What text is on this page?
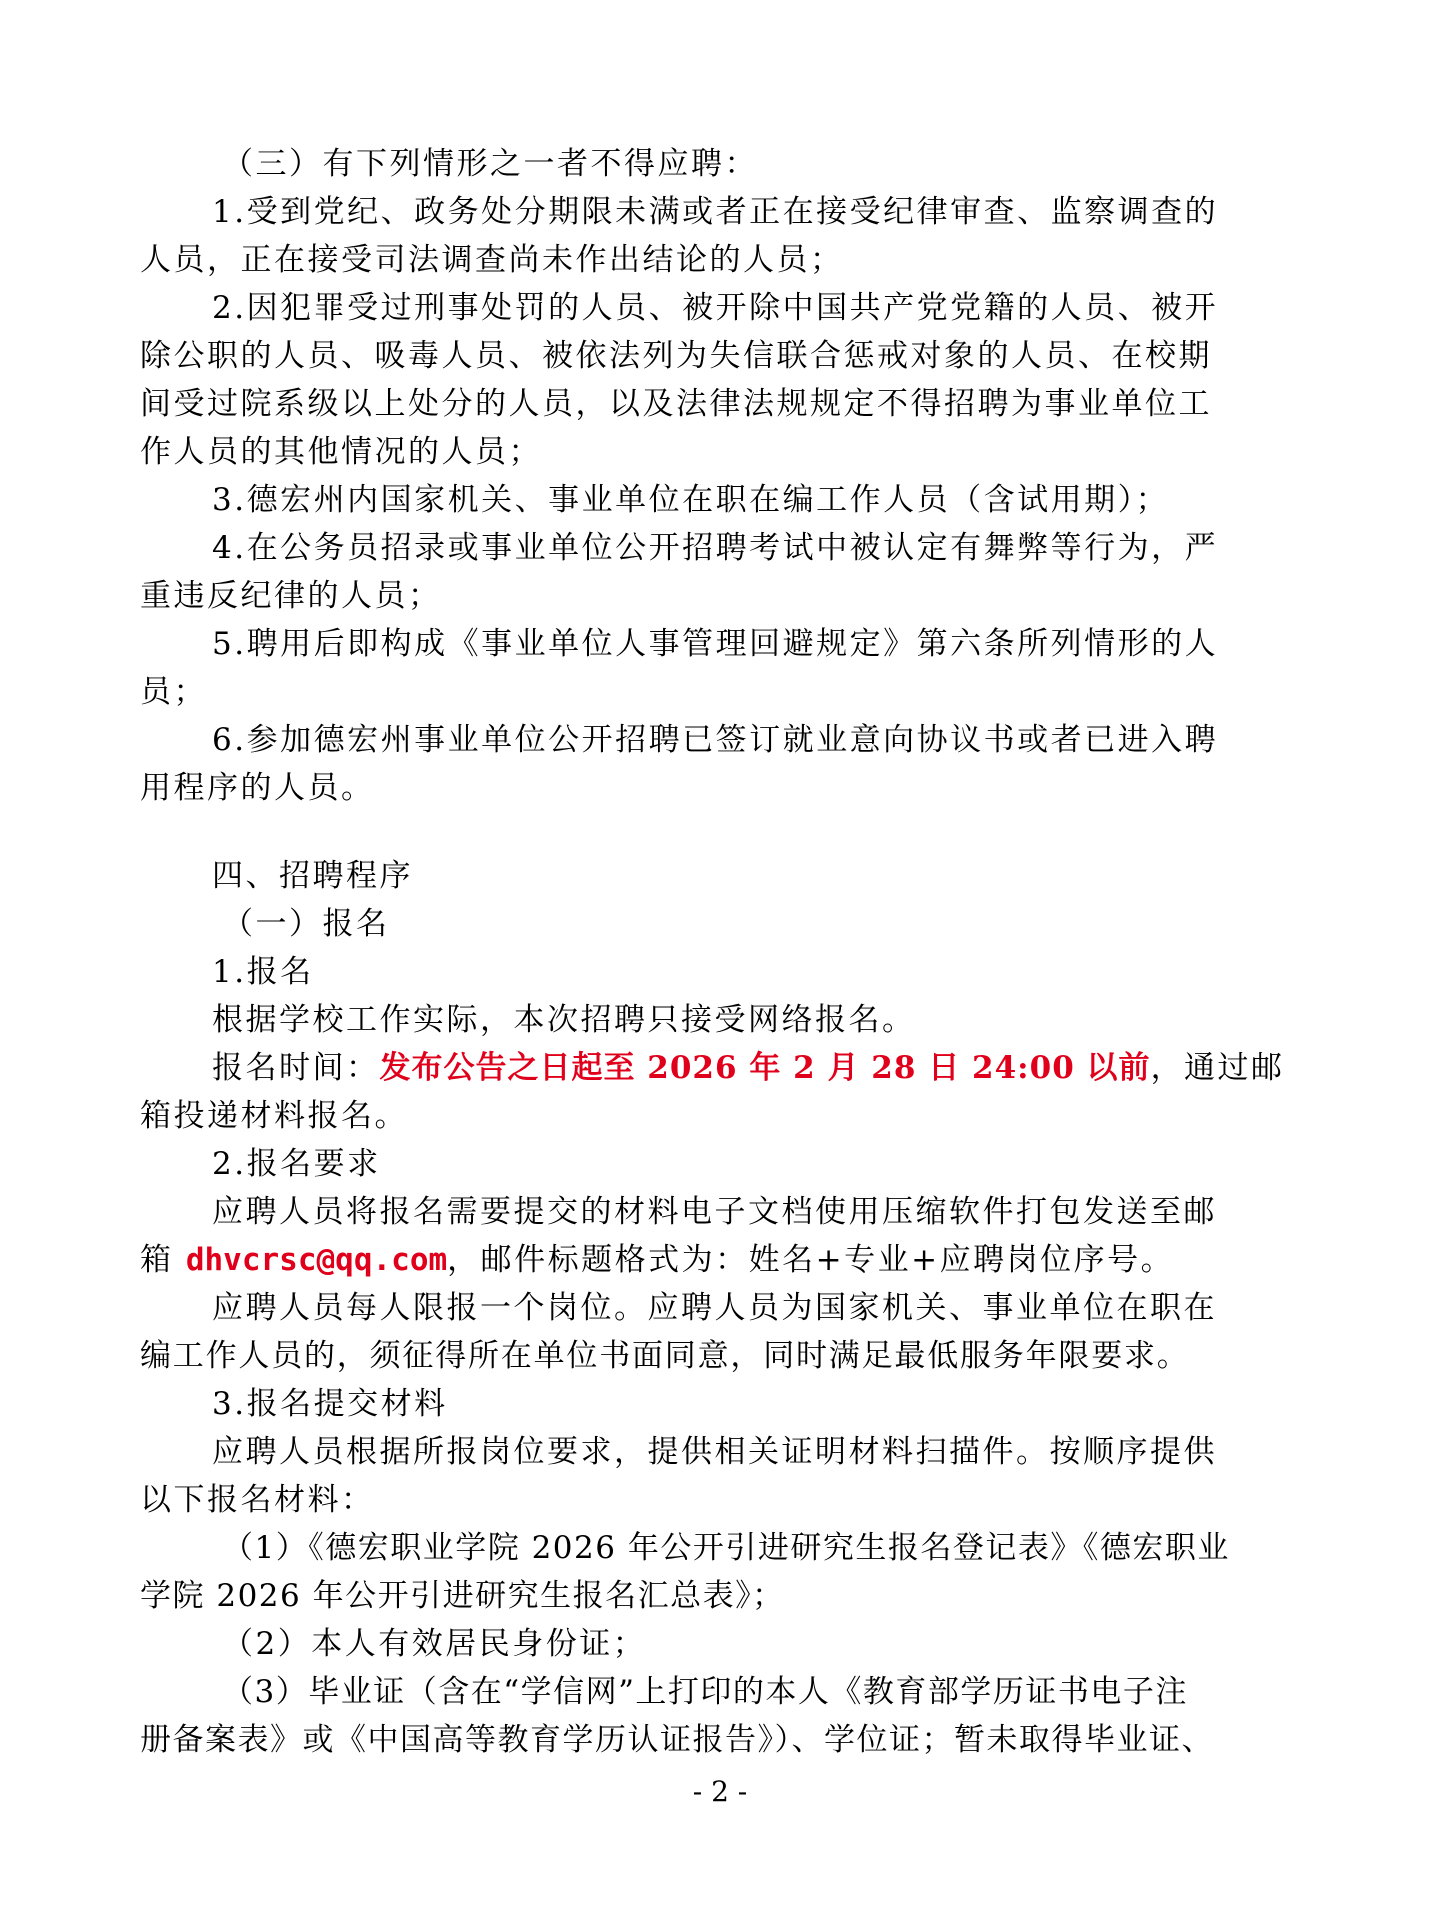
（三）有下列情形之一者不得应聘：
1.受到党纪、政务处分期限未满或者正在接受纪律审查、监察调查的
人员，正在接受司法调查尚未作出结论的人员；
2.因犯罪受过刑事处罚的人员、被开除中国共产党党籍的人员、被开
除公职的人员、吸毒人员、被依法列为失信联合惩戒对象的人员、在校期
间受过院系级以上处分的人员，以及法律法规规定不得招聘为事业单位工
作人员的其他情况的人员；
3.德宏州内国家机关、事业单位在职在编工作人员（含试用期）；
4.在公务员招录或事业单位公开招聘考试中被认定有舞弊等行为，严
重违反纪律的人员；
5.聘用后即构成《事业单位人事管理回避规定》第六条所列情形的人
员；
6.参加德宏州事业单位公开招聘已签订就业意向协议书或者已进入聘
用程序的人员。
四、招聘程序
（一）报名
1.报名
根据学校工作实际，本次招聘只接受网络报名。
报名时间：发布公告之日起至 2026 年 2 月 28 日 24:00 以前，通过邮
箱投递材料报名。
2.报名要求
应聘人员将报名需要提交的材料电子文档使用压缩软件打包发送至邮
箱 dhvcrsc@qq.com，邮件标题格式为：姓名+专业+应聘岗位序号。
应聘人员每人限报一个岗位。应聘人员为国家机关、事业单位在职在
编工作人员的，须征得所在单位书面同意，同时满足最低服务年限要求。
3.报名提交材料
应聘人员根据所报岗位要求，提供相关证明材料扫描件。按顺序提供
以下报名材料：
（1）《德宏职业学院 2026 年公开引进研究生报名登记表》《德宏职业
学院 2026 年公开引进研究生报名汇总表》；
（2）本人有效居民身份证；
（3）毕业证（含在“学信网”上打印的本人《教育部学历证书电子注
册备案表》或《中国高等教育学历认证报告》）、学位证；暂未取得毕业证、
- 2 -
